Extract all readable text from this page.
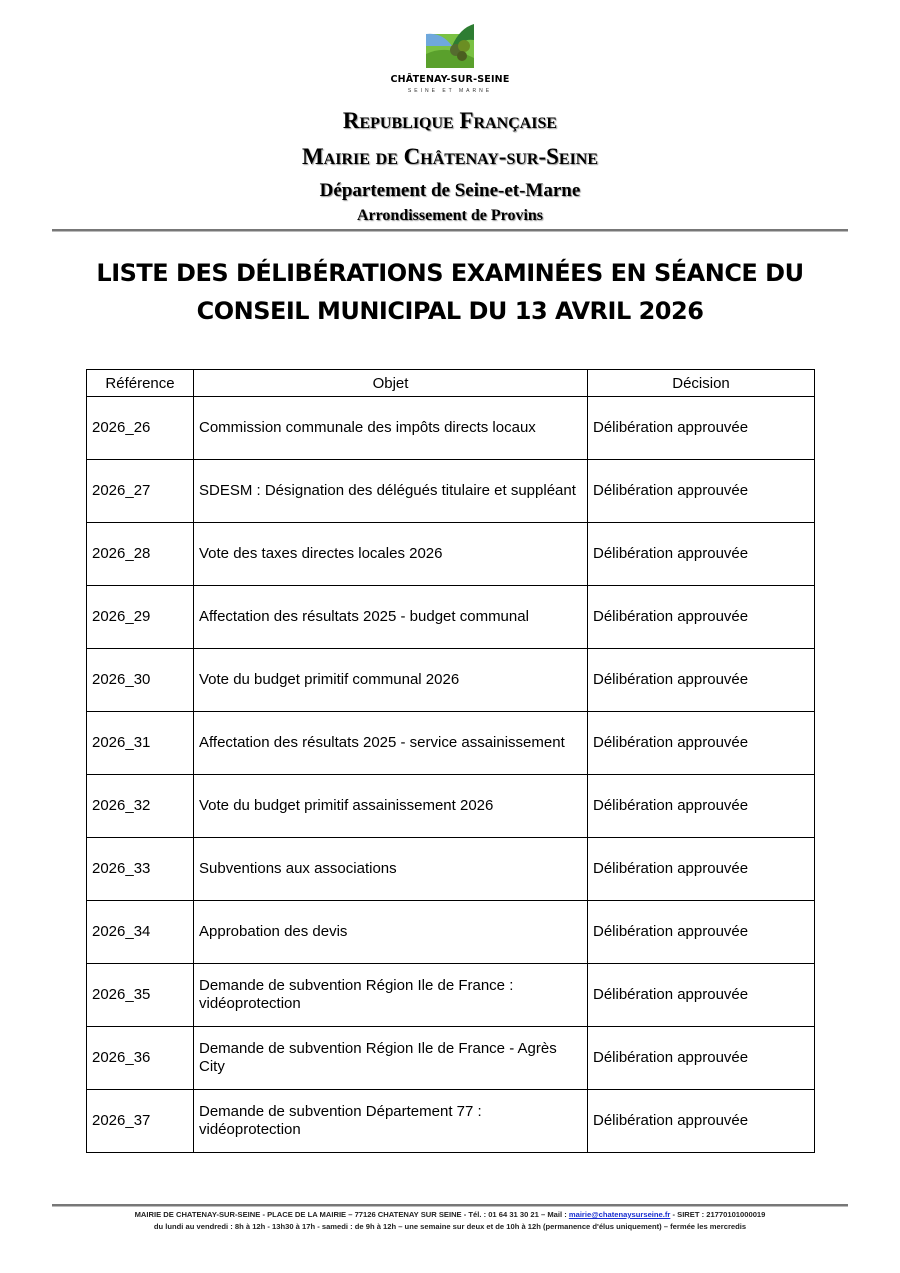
CHÂTENAY-SUR-SEINE
SEINE ET MARNE
Republique Française
Mairie de Châtenay-sur-Seine
Département de Seine-et-Marne
Arrondissement de Provins
LISTE DES DÉLIBÉRATIONS EXAMINÉES EN SÉANCE DU
CONSEIL MUNICIPAL DU 13 AVRIL 2026
Référence	Objet	Décision
2026_26	Commission communale des impôts directs locaux	Délibération approuvée
2026_27	SDESM : Désignation des délégués titulaire et suppléant	Délibération approuvée
2026_28	Vote des taxes directes locales 2026	Délibération approuvée
2026_29	Affectation des résultats 2025 - budget communal	Délibération approuvée
2026_30	Vote du budget primitif communal 2026	Délibération approuvée
2026_31	Affectation des résultats 2025 - service assainissement	Délibération approuvée
2026_32	Vote du budget primitif assainissement 2026	Délibération approuvée
2026_33	Subventions aux associations	Délibération approuvée
2026_34	Approbation des devis	Délibération approuvée
2026_35	Demande de subvention Région Ile de France : vidéoprotection	Délibération approuvée
2026_36	Demande de subvention Région Ile de France - Agrès City	Délibération approuvée
2026_37	Demande de subvention Département 77 : vidéoprotection	Délibération approuvée
MAIRIE DE CHATENAY-SUR-SEINE - PLACE DE LA MAIRIE – 77126 CHATENAY SUR SEINE - Tél. : 01 64 31 30 21 – Mail : mairie@chatenaysurseine.fr - SIRET : 21770101000019
du lundi au vendredi : 8h à 12h - 13h30 à 17h - samedi : de 9h à 12h – une semaine sur deux et de 10h à 12h (permanence d'élus uniquement) – fermée les mercredis
